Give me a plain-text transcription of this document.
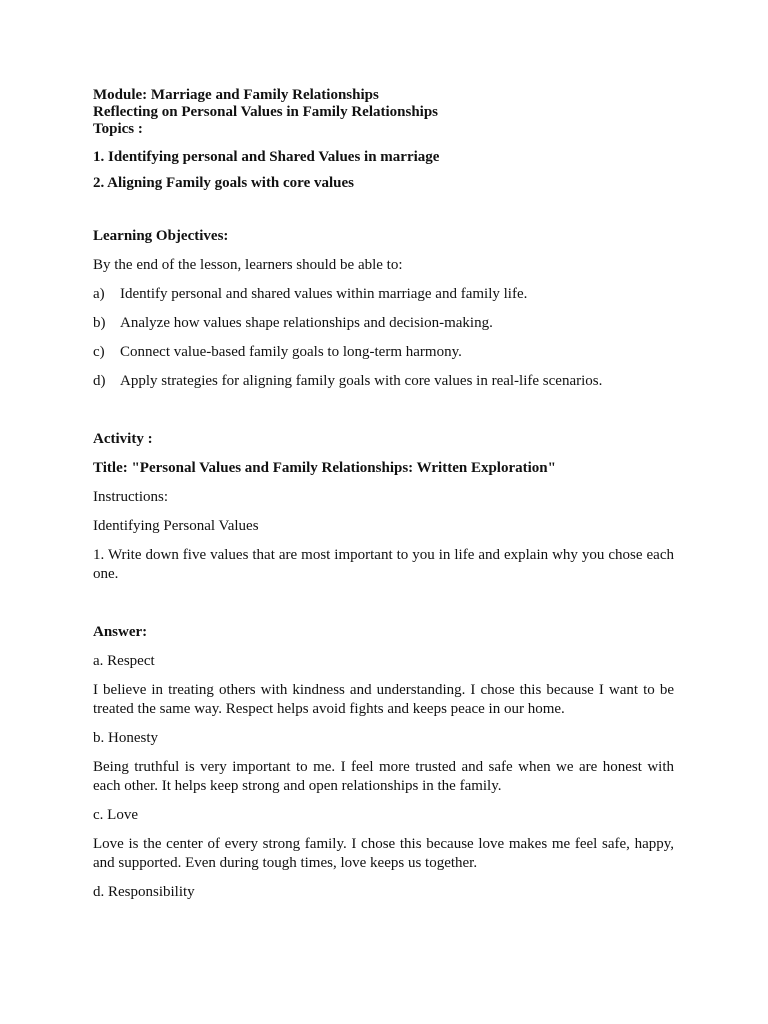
Module: Marriage and Family Relationships

Reflecting on Personal Values in Family Relationships

Topics :

1. Identifying personal and Shared Values in marriage

2. Aligning Family goals with core values

Learning Objectives:

By the end of the lesson, learners should be able to:

a)	Identify personal and shared values within marriage and family life.
b) Analyze how values shape relationships and decision-making.
c)	Connect value-based family goals to long-term harmony.
d) Apply strategies for aligning family goals with core values in real-life scenarios.

Activity :

Title: "Personal Values and Family Relationships: Written Exploration"

Instructions:

Identifying Personal Values

1. Write down five values that are most important to you in life and explain why you chose each one.

Answer:

a. Respect

I believe in treating others with kindness and understanding. I chose this because I want to be treated the same way. Respect helps avoid fights and keeps peace in our home.

b. Honesty

Being truthful is very important to me. I feel more trusted and safe when we are honest with each other. It helps keep strong and open relationships in the family.

c. Love

Love is the center of every strong family. I chose this because love makes me feel safe, happy, and supported. Even during tough times, love keeps us together.

d. Responsibility
